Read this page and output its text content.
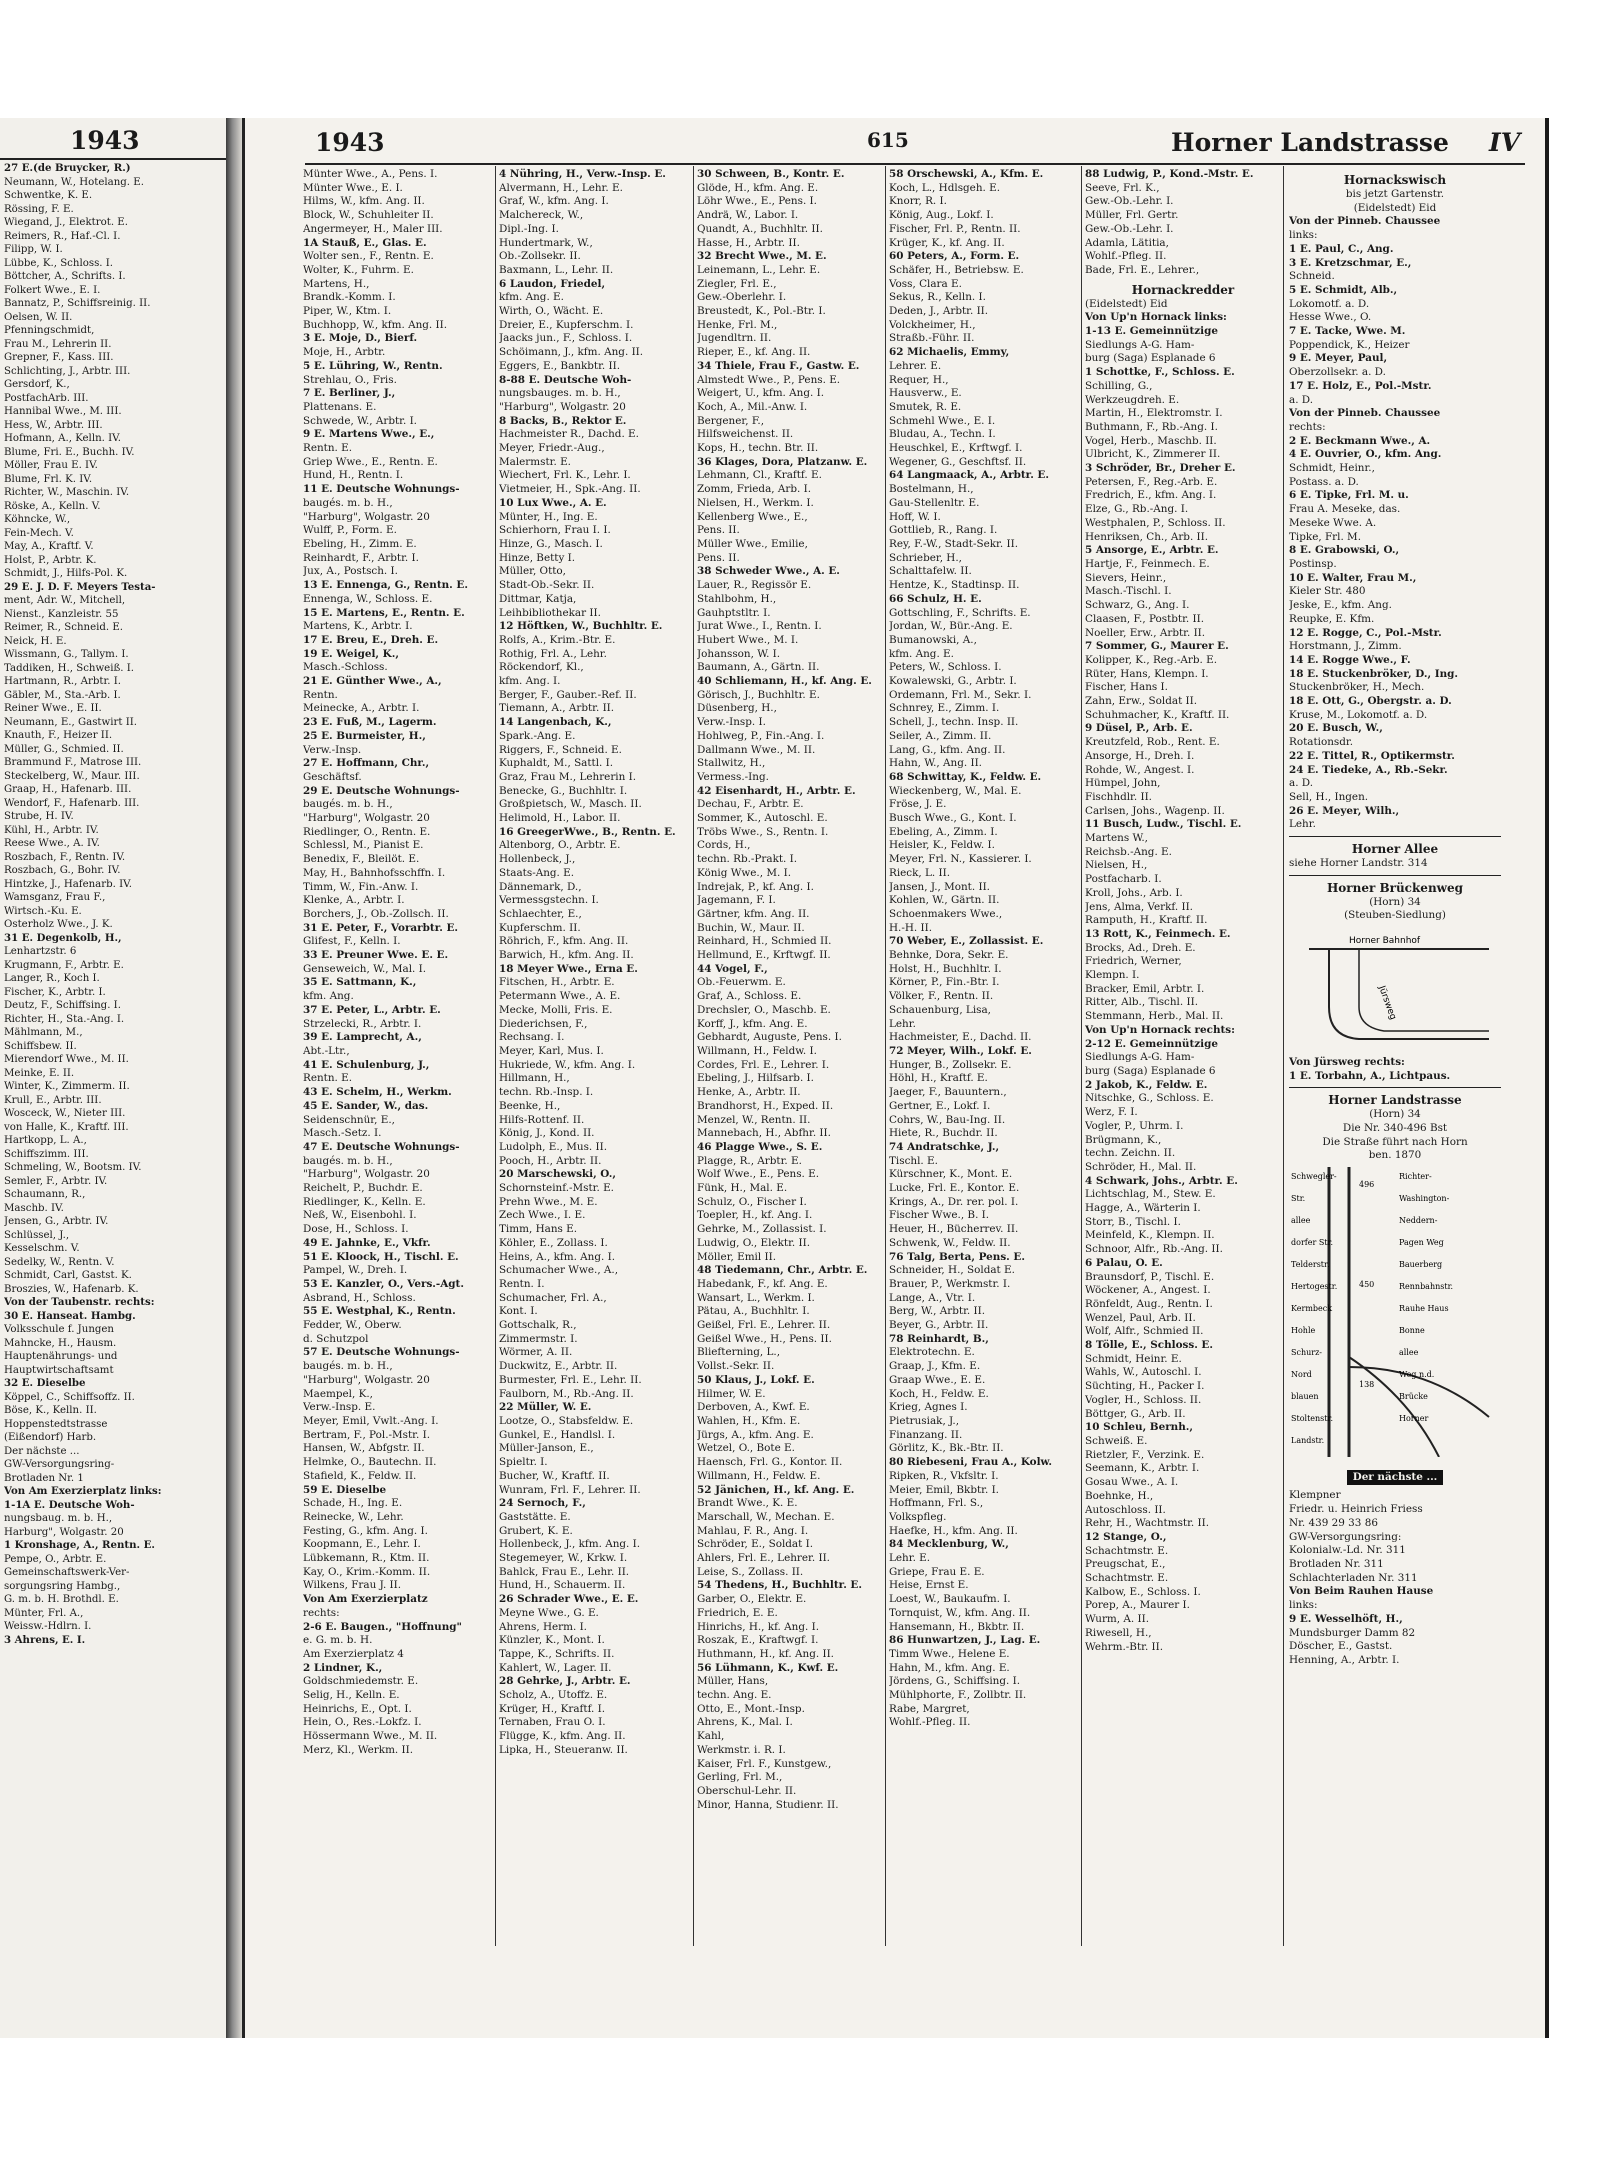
1943
27 E.(de Bruycker, R.)
Neumann, W., Hotelang. E.
Schwentke, K. E.
Rössing, F. E.
Wiegand, J., Elektrot. E.
Reimers, R., Haf.-Cl. I.
Filipp, W. I.
Lübbe, K., Schloss. I.
Böttcher, A., Schrifts. I.
Folkert Wwe., E. I.
Bannatz, P., Schiffsreinig. II.
Oelsen, W. II.
Pfenningschmidt,
Frau M., Lehrerin II.
Grepner, F., Kass. III.
Schlichting, J., Arbtr. III.
Gersdorf, K.,
PostfachArb. III.
Hannibal Wwe., M. III.
Hess, W., Arbtr. III.
Hofmann, A., Kelln. IV.
Blume, Fri. E., Buchh. IV.
Möller, Frau E. IV.
Blume, Frl. K. IV.
Richter, W., Maschin. IV.
Röske, A., Kelln. V.
Köhncke, W.,
Fein-Mech. V.
May, A., Kraftf. V.
Holst, P., Arbtr. K.
Schmidt, J., Hilfs-Pol. K.
29 E. J. D. F. Meyers Testa-
ment, Adr. W., Mitchell,
Nienst., Kanzleistr. 55
Reimer, R., Schneid. E.
Neick, H. E.
Wissmann, G., Tallym. I.
Taddiken, H., Schweiß. I.
Hartmann, R., Arbtr. I.
Gäbler, M., Sta.-Arb. I.
Reiner Wwe., E. II.
Neumann, E., Gastwirt II.
Knauth, F., Heizer II.
Müller, G., Schmied. II.
Brammund F., Matrose III.
Steckelberg, W., Maur. III.
Graap, H., Hafenarb. III.
Wendorf, F., Hafenarb. III.
Strube, H. IV.
Kühl, H., Arbtr. IV.
Reese Wwe., A. IV.
Roszbach, F., Rentn. IV.
Roszbach, G., Bohr. IV.
Hintzke, J., Hafenarb. IV.
Wamsganz, Frau F.,
Wirtsch.-Ku. E.
Osterholz Wwe., J. K.
31 E. Degenkolb, H.,
Lenhartzstr. 6
Krugmann, F., Arbtr. E.
Langer, R., Koch I.
Fischer, K., Arbtr. I.
Deutz, F., Schiffsing. I.
Richter, H., Sta.-Ang. I.
Mählmann, M.,
Schiffsbew. II.
Mierendorf Wwe., M. II.
Meinke, E. II.
Winter, K., Zimmerm. II.
Krull, E., Arbtr. III.
Wosceck, W., Nieter III.
von Halle, K., Kraftf. III.
Hartkopp, L. A.,
Schiffszimm. III.
Schmeling, W., Bootsm. IV.
Semler, F., Arbtr. IV.
Schaumann, R.,
Maschb. IV.
Jensen, G., Arbtr. IV.
Schlüssel, J.,
Kesselschm. V.
Sedelky, W., Rentn. V.
Schmidt, Carl, Gastst. K.
Broszies, W., Hafenarb. K.
Von der Taubenstr. rechts:
30 E. Hanseat. Hambg.
Volksschule f. Jungen
Mahncke, H., Hausm.
Hauptenährungs- und
Hauptwirtschaftsamt
32 E. Dieselbe
Köppel, C., Schiffsoffz. II.
Böse, K., Kelln. II.
Hoppenstedtstrasse
(Eißendorf) Harb.
Der nächste ...
GW-Versorgungsring-
Brotladen Nr. 1
Von Am Exerzierplatz links:
1-1A E. Deutsche Woh-
nungsbaug. m. b. H.,
Harburg", Wolgastr. 20
1 Kronshage, A., Rentn. E.
Pempe, O., Arbtr. E.
Gemeinschaftswerk-Ver-
sorgungsring Hambg.,
G. m. b. H. Brothdl. E.
Münter, Frl. A.,
Weissw.-Hdlrn. I.
3 Ahrens, E. I.
1943	615	Horner Landstrasse IV
Münter Wwe., A., Pens. I.
Münter Wwe., E. I.
Hilms, W., kfm. Ang. II.
Block, W., Schuhleiter II.
Angermeyer, H., Maler III.
1A Stauß, E., Glas. E.
Wolter sen., F., Rentn. E.
Wolter, K., Fuhrm. E.
Martens, H.,
Brandk.-Komm. I.
Piper, W., Ktm. I.
Buchhopp, W., kfm. Ang. II.
3 E. Moje, D., Bierf.
Moje, H., Arbtr.
5 E. Lühring, W., Rentn.
Strehlau, O., Fris.
7 E. Berliner, J.,
Plattenans. E.
Schwede, W., Arbtr. I.
9 E. Martens Wwe., E.,
Rentn. E.
Griep Wwe., E., Rentn. E.
Hund, H., Rentn. I.
11 E. Deutsche Wohnungs-
baugés. m. b. H.,
"Harburg", Wolgastr. 20
Wulff, P., Form. E.
Ebeling, H., Zimm. E.
Reinhardt, F., Arbtr. I.
Jux, A., Postsch. I.
13 E. Ennenga, G., Rentn. E.
Ennenga, W., Schloss. E.
15 E. Martens, E., Rentn. E.
Martens, K., Arbtr. I.
17 E. Breu, E., Dreh. E.
19 E. Weigel, K.,
Masch.-Schloss.
21 E. Günther Wwe., A.,
Rentn.
Meinecke, A., Arbtr. I.
23 E. Fuß, M., Lagerm.
25 E. Burmeister, H.,
Verw.-Insp.
27 E. Hoffmann, Chr.,
Geschäftsf.
29 E. Deutsche Wohnungs-
baugés. m. b. H.,
"Harburg", Wolgastr. 20
Riedlinger, O., Rentn. E.
Schlessl, M., Pianist E.
Benedix, F., Bleilöt. E.
May, H., Bahnhofsschffn. I.
Timm, W., Fin.-Anw. I.
Klenke, A., Arbtr. I.
Borchers, J., Ob.-Zollsch. II.
31 E. Peter, F., Vorarbtr. E.
Glifest, F., Kelln. I.
33 E. Preuner Wwe. E. E.
Genseweich, W., Mal. I.
35 E. Sattmann, K.,
kfm. Ang.
37 E. Peter, L., Arbtr. E.
Strzelecki, R., Arbtr. I.
39 E. Lamprecht, A.,
Abt.-Ltr.,
41 E. Schulenburg, J.,
Rentn. E.
43 E. Schelm, H., Werkm.
45 E. Sander, W., das.
Seidenschnür, E.,
Masch.-Setz. I.
47 E. Deutsche Wohnungs-
baugés. m. b. H.,
"Harburg", Wolgastr. 20
Reichelt, P., Buchdr. E.
Riedlinger, K., Kelln. E.
Neß, W., Eisenbohl. I.
Dose, H., Schloss. I.
49 E. Jahnke, E., Vkfr.
51 E. Kloock, H., Tischl. E.
Pampel, W., Dreh. I.
53 E. Kanzler, O., Vers.-Agt.
Asbrand, H., Schloss.
55 E. Westphal, K., Rentn.
Fedder, W., Oberw.
d. Schutzpol
57 E. Deutsche Wohnungs-
baugés. m. b. H.,
"Harburg", Wolgastr. 20
Maempel, K.,
Verw.-Insp. E.
Meyer, Emil, Vwlt.-Ang. I.
Bertram, F., Pol.-Mstr. I.
Hansen, W., Abfgstr. II.
Helmke, O., Bautechn. II.
Stafield, K., Feldw. II.
59 E. Dieselbe
Schade, H., Ing. E.
Reinecke, W., Lehr.
Festing, G., kfm. Ang. I.
Koopmann, E., Lehr. I.
Lübkemann, R., Ktm. II.
Kay, O., Krim.-Komm. II.
Wilkens, Frau J. II.
Von Am Exerzierplatz
rechts:
2-6 E. Baugen., "Hoffnung"
e. G. m. b. H.
Am Exerzierplatz 4
2 Lindner, K.,
Goldschmiedemstr. E.
Selig, H., Kelln. E.
Heinrichs, E., Opt. I.
Hein, O., Res.-Lokfz. I.
Hössermann Wwe., M. II.
Merz, Kl., Werkm. II.
4 Nühring, H., Verw.-Insp. E.
Alvermann, H., Lehr. E.
Graf, W., kfm. Ang. I.
Malchereck, W.,
Dipl.-Ing. I.
Hundertmark, W.,
Ob.-Zollsekr. II.
Baxmann, L., Lehr. II.
6 Laudon, Friedel,
kfm. Ang. E.
Wirth, O., Wächt. E.
Dreier, E., Kupferschm. I.
Jaacks jun., F., Schloss. I.
Schöimann, J., kfm. Ang. II.
Eggers, E., Bankbtr. II.
8-88 E. Deutsche Woh-
nungsbauges. m. b. H.,
"Harburg", Wolgastr. 20
8 Backs, B., Rektor E.
Hachmeister R., Dachd. E.
Meyer, Friedr.-Aug.,
Malermstr. E.
Wiechert, Frl. K., Lehr. I.
Vietmeier, H., Spk.-Ang. II.
10 Lux Wwe., A. E.
Münter, H., Ing. E.
Schierhorn, Frau I. I.
Hinze, G., Masch. I.
Hinze, Betty I.
Müller, Otto,
Stadt-Ob.-Sekr. II.
Dittmar, Katja,
Leihbibliothekar II.
12 Höftken, W., Buchhltr. E.
Rolfs, A., Krim.-Btr. E.
Rothig, Frl. A., Lehr.
Röckendorf, Kl.,
kfm. Ang. I.
Berger, F., Gauber.-Ref. II.
Tiemann, A., Arbtr. II.
14 Langenbach, K.,
Spark.-Ang. E.
Riggers, F., Schneid. E.
Kuphaldt, M., Sattl. I.
Graz, Frau M., Lehrerin I.
Benecke, G., Buchhltr. I.
Großpietsch, W., Masch. II.
Helimold, H., Labor. II.
16 GreegerWwe., B., Rentn. E.
Altenborg, O., Arbtr. E.
Hollenbeck, J.,
Staats-Ang. E.
Dännemark, D.,
Vermessgstechn. I.
Schlaechter, E.,
Kupferschm. II.
Röhrich, F., kfm. Ang. II.
Barwich, H., kfm. Ang. II.
18 Meyer Wwe., Erna E.
Fitschen, H., Arbtr. E.
Petermann Wwe., A. E.
Mecke, Molli, Fris. E.
Diederichsen, F.,
Rechsang. I.
Meyer, Karl, Mus. I.
Hukriede, W., kfm. Ang. I.
Hillmann, H.,
techn. Rb.-Insp. I.
Beenke, H.,
Hilfs-Rottenf. II.
König, J., Kond. II.
Ludolph, E., Mus. II.
Pooch, H., Arbtr. II.
20 Marschewski, O.,
Schornsteinf.-Mstr. E.
Prehn Wwe., M. E.
Zech Wwe., I. E.
Timm, Hans E.
Köhler, E., Zollass. I.
Heins, A., kfm. Ang. I.
Schumacher Wwe., A.,
Rentn. I.
Schumacher, Frl. A.,
Kont. I.
Gottschalk, R.,
Zimmermstr. I.
Wörmer, A. II.
Duckwitz, E., Arbtr. II.
Burmester, Frl. E., Lehr. II.
Faulborn, M., Rb.-Ang. II.
22 Müller, W. E.
Lootze, O., Stabsfeldw. E.
Gunkel, E., Handlsl. I.
Müller-Janson, E.,
Spieltr. I.
Bucher, W., Kraftf. II.
Wunram, Frl. F., Lehrer. II.
24 Sernoch, F.,
Gaststätte. E.
Grubert, K. E.
Hollenbeck, J., kfm. Ang. I.
Stegemeyer, W., Krkw. I.
Bahlck, Frau E., Lehr. II.
Hund, H., Schauerm. II.
26 Schrader Wwe., E. E.
Meyne Wwe., G. E.
Ahrens, Herm. I.
Künzler, K., Mont. I.
Tappe, K., Schrifts. II.
Kahlert, W., Lager. II.
28 Gehrke, J., Arbtr. E.
Scholz, A., Utoffz. E.
Krüger, H., Kraftf. I.
Ternaben, Frau O. I.
Flügge, K., kfm. Ang. II.
Lipka, H., Steueranw. II.
30 Schween, B., Kontr. E.
Glöde, H., kfm. Ang. E.
Löhr Wwe., E., Pens. I.
Andrä, W., Labor. I.
Quandt, A., Buchhltr. II.
Hasse, H., Arbtr. II.
32 Brecht Wwe., M. E.
Leinemann, L., Lehr. E.
Ziegler, Frl. E.,
Gew.-Oberlehr. I.
Breustedt, K., Pol.-Btr. I.
Henke, Frl. M.,
Jugendltrn. II.
Rieper, E., kf. Ang. II.
34 Thiele, Frau F., Gastw. E.
Almstedt Wwe., P., Pens. E.
Weigert, U., kfm. Ang. I.
Koch, A., Mil.-Anw. I.
Bergener, F.,
Hilfsweichenst. II.
Kops, H., techn. Btr. II.
36 Klages, Dora, Platzanw. E.
Lehmann, Cl., Kraftf. E.
Zomm, Frieda, Arb. I.
Nielsen, H., Werkm. I.
Kellenberg Wwe., E.,
Pens. II.
Müller Wwe., Emilie,
Pens. II.
38 Schweder Wwe., A. E.
Lauer, R., Regissör E.
Stahlbohm, H.,
Gauhptstltr. I.
Jurat Wwe., I., Rentn. I.
Hubert Wwe., M. I.
Johansson, W. I.
Baumann, A., Gärtn. II.
40 Schliemann, H., kf. Ang. E.
Görisch, J., Buchhltr. E.
Düsenberg, H.,
Verw.-Insp. I.
Hohlweg, P., Fin.-Ang. I.
Dallmann Wwe., M. II.
Stallwitz, H.,
Vermess.-Ing.
42 Eisenhardt, H., Arbtr. E.
Dechau, F., Arbtr. E.
Sommer, K., Autoschl. E.
Tröbs Wwe., S., Rentn. I.
Cords, H.,
techn. Rb.-Prakt. I.
König Wwe., M. I.
Indrejak, P., kf. Ang. I.
Jagemann, F. I.
Gärtner, kfm. Ang. II.
Buchin, W., Maur. II.
Reinhard, H., Schmied II.
Hellmund, E., Krftwgf. II.
44 Vogel, F.,
Ob.-Feuerwm. E.
Graf, A., Schloss. E.
Drechsler, O., Maschb. E.
Korff, J., kfm. Ang. E.
Gebhardt, Auguste, Pens. I.
Willmann, H., Feldw. I.
Cordes, Frl. E., Lehrer. I.
Ebeling, J., Hilfsarb. I.
Henke, A., Arbtr. II.
Brandhorst, H., Exped. II.
Menzel, W., Rentn. II.
Mannebach, H., Abfhr. II.
46 Plagge Wwe., S. E.
Plagge, R., Arbtr. E.
Wolf Wwe., E., Pens. E.
Fünk, H., Mal. E.
Schulz, O., Fischer I.
Toepler, H., kf. Ang. I.
Gehrke, M., Zollassist. I.
Ludwig, O., Elektr. II.
Möller, Emil II.
48 Tiedemann, Chr., Arbtr. E.
Habedank, F., kf. Ang. E.
Wansart, L., Werkm. I.
Pätau, A., Buchhltr. I.
Geißel, Frl. E., Lehrer. II.
Geißel Wwe., H., Pens. II.
Bliefterning, L.,
Vollst.-Sekr. II.
50 Klaus, J., Lokf. E.
Hilmer, W. E.
Derboven, A., Kwf. E.
Wahlen, H., Kfm. E.
Jürgs, A., kfm. Ang. E.
Wetzel, O., Bote E.
Haensch, Frl. G., Kontor. II.
Willmann, H., Feldw. E.
52 Jänichen, H., kf. Ang. E.
Brandt Wwe., K. E.
Marschall, W., Mechan. E.
Mahlau, F. R., Ang. I.
Schröder, E., Soldat I.
Ahlers, Frl. E., Lehrer. II.
Leise, S., Zollass. II.
54 Thedens, H., Buchhltr. E.
Garber, O., Elektr. E.
Friedrich, E. E.
Hinrichs, H., kf. Ang. I.
Roszak, E., Kraftwgf. I.
Huthmann, H., kf. Ang. II.
56 Lühmann, K., Kwf. E.
Müller, Hans,
techn. Ang. E.
Otto, E., Mont.-Insp.
Ahrens, K., Mal. I.
Kahl,
Werkmstr. i. R. I.
Kaiser, Frl. F., Kunstgew.,
Gerling, Frl. M.,
Oberschul-Lehr. II.
Minor, Hanna, Studienr. II.
58 Orschewski, A., Kfm. E.
Koch, L., Hdlsgeh. E.
Knorr, R. I.
König, Aug., Lokf. I.
Fischer, Frl. P., Rentn. II.
Krüger, K., kf. Ang. II.
60 Peters, A., Form. E.
Schäfer, H., Betriebsw. E.
Voss, Clara E.
Sekus, R., Kelln. I.
Deden, J., Arbtr. II.
Volckheimer, H.,
Straßb.-Führ. II.
62 Michaelis, Emmy,
Lehrer. E.
Requer, H.,
Hausverw., E.
Smutek, R. E.
Schmehl Wwe., E. I.
Bludau, A., Techn. I.
Heuschkel, E., Krftwgf. I.
Wegener, G., Geschftsf. II.
64 Langmaack, A., Arbtr. E.
Bostelmann, H.,
Gau-Stellenltr. E.
Hoff, W. I.
Gottlieb, R., Rang. I.
Rey, F.-W., Stadt-Sekr. II.
Schrieber, H.,
Schalttafelw. II.
Hentze, K., Stadtinsp. II.
66 Schulz, H. E.
Gottschling, F., Schrifts. E.
Jordan, W., Bür.-Ang. E.
Bumanowski, A.,
kfm. Ang. E.
Peters, W., Schloss. I.
Kowalewski, G., Arbtr. I.
Ordemann, Frl. M., Sekr. I.
Schnrey, E., Zimm. I.
Schell, J., techn. Insp. II.
Seiler, A., Zimm. II.
Lang, G., kfm. Ang. II.
Hahn, W., Ang. II.
68 Schwittay, K., Feldw. E.
Wieckenberg, W., Mal. E.
Fröse, J. E.
Busch Wwe., G., Kont. I.
Ebeling, A., Zimm. I.
Heisler, K., Feldw. I.
Meyer, Frl. N., Kassierer. I.
Rieck, L. II.
Jansen, J., Mont. II.
Kohlen, W., Gärtn. II.
Schoenmakers Wwe.,
H.-H. II.
70 Weber, E., Zollassist. E.
Behnke, Dora, Sekr. E.
Holst, H., Buchhltr. I.
Körner, P., Fin.-Btr. I.
Völker, F., Rentn. II.
Schauenburg, Lisa,
Lehr.
Hachmeister, E., Dachd. II.
72 Meyer, Wilh., Lokf. E.
Hunger, B., Zollsekr. E.
Höhl, H., Kraftf. E.
Jaeger, F., Bauuntern.,
Gertner, E., Lokf. I.
Cohrs, W., Bau-Ing. II.
Hiete, R., Buchdr. II.
74 Andratschke, J.,
Tischl. E.
Kürschner, K., Mont. E.
Lucke, Frl. E., Kontor. E.
Krings, A., Dr. rer. pol. I.
Fischer Wwe., B. I.
Heuer, H., Bücherrev. II.
Schwenk, W., Feldw. II.
76 Talg, Berta, Pens. E.
Schneider, H., Soldat E.
Brauer, P., Werkmstr. I.
Lange, A., Vtr. I.
Berg, W., Arbtr. II.
Beyer, G., Arbtr. II.
78 Reinhardt, B.,
Elektrotechn. E.
Graap, J., Kfm. E.
Graap Wwe., E. E.
Koch, H., Feldw. E.
Krieg, Agnes I.
Pietrusiak, J.,
Finanzang. II.
Görlitz, K., Bk.-Btr. II.
80 Riebeseni, Frau A., Kolw.
Ripken, R., Vkfsltr. I.
Meier, Emil, Bkbtr. I.
Hoffmann, Frl. S.,
Volkspfleg.
Haefke, H., kfm. Ang. II.
84 Mecklenburg, W.,
Lehr. E.
Griepe, Frau E. E.
Heise, Ernst E.
Loest, W., Baukaufm. I.
Tornquist, W., kfm. Ang. II.
Hansemann, H., Bkbtr. II.
86 Hunwartzen, J., Lag. E.
Timm Wwe., Helene E.
Hahn, M., kfm. Ang. E.
Jördens, G., Schiffsing. I.
Mühlphorte, F., Zollbtr. II.
Rabe, Margret,
Wohlf.-Pfleg. II.
88 Ludwig, P., Kond.-Mstr. E.
Seeve, Frl. K.,
Gew.-Ob.-Lehr. I.
Müller, Frl. Gertr.
Gew.-Ob.-Lehr. I.
Adamla, Lätitia,
Wohlf.-Pfleg. II.
Bade, Frl. E., Lehrer.,
Hornackredder
(Eidelstedt) Eid
Von Up'n Hornack links:
1-13 E. Gemeinnützige
Siedlungs A-G. Ham-
burg (Saga) Esplanade 6
1 Schottke, F., Schloss. E.
Schilling, G.,
Werkzeugdreh. E.
Martin, H., Elektromstr. I.
Buthmann, F., Rb.-Ang. I.
Vogel, Herb., Maschb. II.
Ulbricht, K., Zimmerer II.
3 Schröder, Br., Dreher E.
Petersen, F., Reg.-Arb. E.
Fredrich, E., kfm. Ang. I.
Elze, G., Rb.-Ang. I.
Westphalen, P., Schloss. II.
Henriksen, Ch., Arb. II.
5 Ansorge, E., Arbtr. E.
Hartje, F., Feinmech. E.
Sievers, Heinr.,
Masch.-Tischl. I.
Schwarz, G., Ang. I.
Claasen, F., Postbtr. II.
Noeller, Erw., Arbtr. II.
7 Sommer, G., Maurer E.
Kolipper, K., Reg.-Arb. E.
Rüter, Hans, Klempn. I.
Fischer, Hans I.
Zahn, Erw., Soldat II.
Schuhmacher, K., Kraftf. II.
9 Düsel, P., Arb. E.
Kreutzfeld, Rob., Rent. E.
Ansorge, H., Dreh. I.
Rohde, W., Angest. I.
Hümpel, John,
Fischhdlr. II.
Carlsen, Johs., Wagenp. II.
11 Busch, Ludw., Tischl. E.
Martens W.,
Reichsb.-Ang. E.
Nielsen, H.,
Postfacharb. I.
Kroll, Johs., Arb. I.
Jens, Alma, Verkf. II.
Ramputh, H., Kraftf. II.
13 Rott, K., Feinmech. E.
Brocks, Ad., Dreh. E.
Friedrich, Werner,
Klempn. I.
Bracker, Emil, Arbtr. I.
Ritter, Alb., Tischl. II.
Stemmann, Herb., Mal. II.
Von Up'n Hornack rechts:
2-12 E. Gemeinnützige
Siedlungs A-G. Ham-
burg (Saga) Esplanade 6
2 Jakob, K., Feldw. E.
Nitschke, G., Schloss. E.
Werz, F. I.
Vogler, P., Uhrm. I.
Brügmann, K.,
techn. Zeichn. II.
Schröder, H., Mal. II.
4 Schwark, Johs., Arbtr. E.
Lichtschlag, M., Stew. E.
Hagge, A., Wärterin I.
Storr, B., Tischl. I.
Meinfeld, K., Klempn. II.
Schnoor, Alfr., Rb.-Ang. II.
6 Palau, O. E.
Braunsdorf, P., Tischl. E.
Wöckener, A., Angest. I.
Rönfeldt, Aug., Rentn. I.
Wenzel, Paul, Arb. II.
Wolf, Alfr., Schmied II.
8 Tölle, E., Schloss. E.
Schmidt, Heinr. E.
Wahls, W., Autoschl. I.
Süchting, H., Packer I.
Vogler, H., Schloss. II.
Böttger, G., Arb. II.
10 Schleu, Bernh.,
Schweiß. E.
Rietzler, F., Verzink. E.
Seemann, K., Arbtr. I.
Gosau Wwe., A. I.
Boehnke, H.,
Autoschloss. II.
Rehr, H., Wachtmstr. II.
12 Stange, O.,
Schachtmstr. E.
Preugschat, E.,
Schachtmstr. E.
Kalbow, E., Schloss. I.
Porep, A., Maurer I.
Wurm, A. II.
Riwesell, H.,
Wehrm.-Btr. II.
Hornackswisch
bis jetzt Gartenstr.
(Eidelstedt) Eid
Von der Pinneb. Chaussee
links:
1 E. Paul, C., Ang.
3 E. Kretzschmar, E.,
Schneid.
5 E. Schmidt, Alb.,
Lokomotf. a. D.
Hesse Wwe., O.
7 E. Tacke, Wwe. M.
Poppendick, K., Heizer
9 E. Meyer, Paul,
Oberzollsekr. a. D.
17 E. Holz, E., Pol.-Mstr.
a. D.
Von der Pinneb. Chaussee
rechts:
2 E. Beckmann Wwe., A.
4 E. Ouvrier, O., kfm. Ang.
Schmidt, Heinr.,
Postass. a. D.
6 E. Tipke, Frl. M. u.
Frau A. Meseke, das.
Meseke Wwe. A.
Tipke, Frl. M.
8 E. Grabowski, O.,
Postinsp.
10 E. Walter, Frau M.,
Kieler Str. 480
Jeske, E., kfm. Ang.
Reupke, E. Kfm.
12 E. Rogge, C., Pol.-Mstr.
Horstmann, J., Zimm.
14 E. Rogge Wwe., F.
18 E. Stuckenbröker, D., Ing.
Stuckenbröker, H., Mech.
18 E. Ott, G., Obergstr. a. D.
Kruse, M., Lokomotf. a. D.
20 E. Busch, W.,
Rotationsdr.
22 E. Tittel, R., Optikermstr.
24 E. Tiedeke, A., Rb.-Sekr.
a. D.
Sell, H., Ingen.
26 E. Meyer, Wilh.,
Lehr.
Horner Allee
siehe Horner Landstr. 314
Horner Brückenweg
(Horn) 34
(Steuben-Siedlung)
Horner Bahnhof
Jürsweg
Von Jürsweg rechts:
1 E. Torbahn, A., Lichtpaus.
Horner Landstrasse
(Horn) 34
Die Nr. 340-496 Bst
Die Straße führt nach Horn
ben. 1870
Schwegler-	Richter-
Str.	Washington-
allee	Neddern-
dorfer Str.	Pagen Weg
Telderstr.	Bauerberg
Hertogestr.	Rennbahnstr.
Kermbeck	Rauhe Haus
Hohle	Bonne
Schurz-	allee
Nord	Weg n.d.
blauen	Brücke
Stoltenstr.	Horner
Landstr.
496
450
138
Der nächste ...
Klempner
Friedr. u. Heinrich Friess
Nr. 439 29 33 86
GW-Versorgungsring:
Kolonialw.-Ld. Nr. 311
Brotladen Nr. 311
Schlachterladen Nr. 311
Von Beim Rauhen Hause
links:
9 E. Wesselhöft, H.,
Mundsburger Damm 82
Döscher, E., Gastst.
Henning, A., Arbtr. I.
